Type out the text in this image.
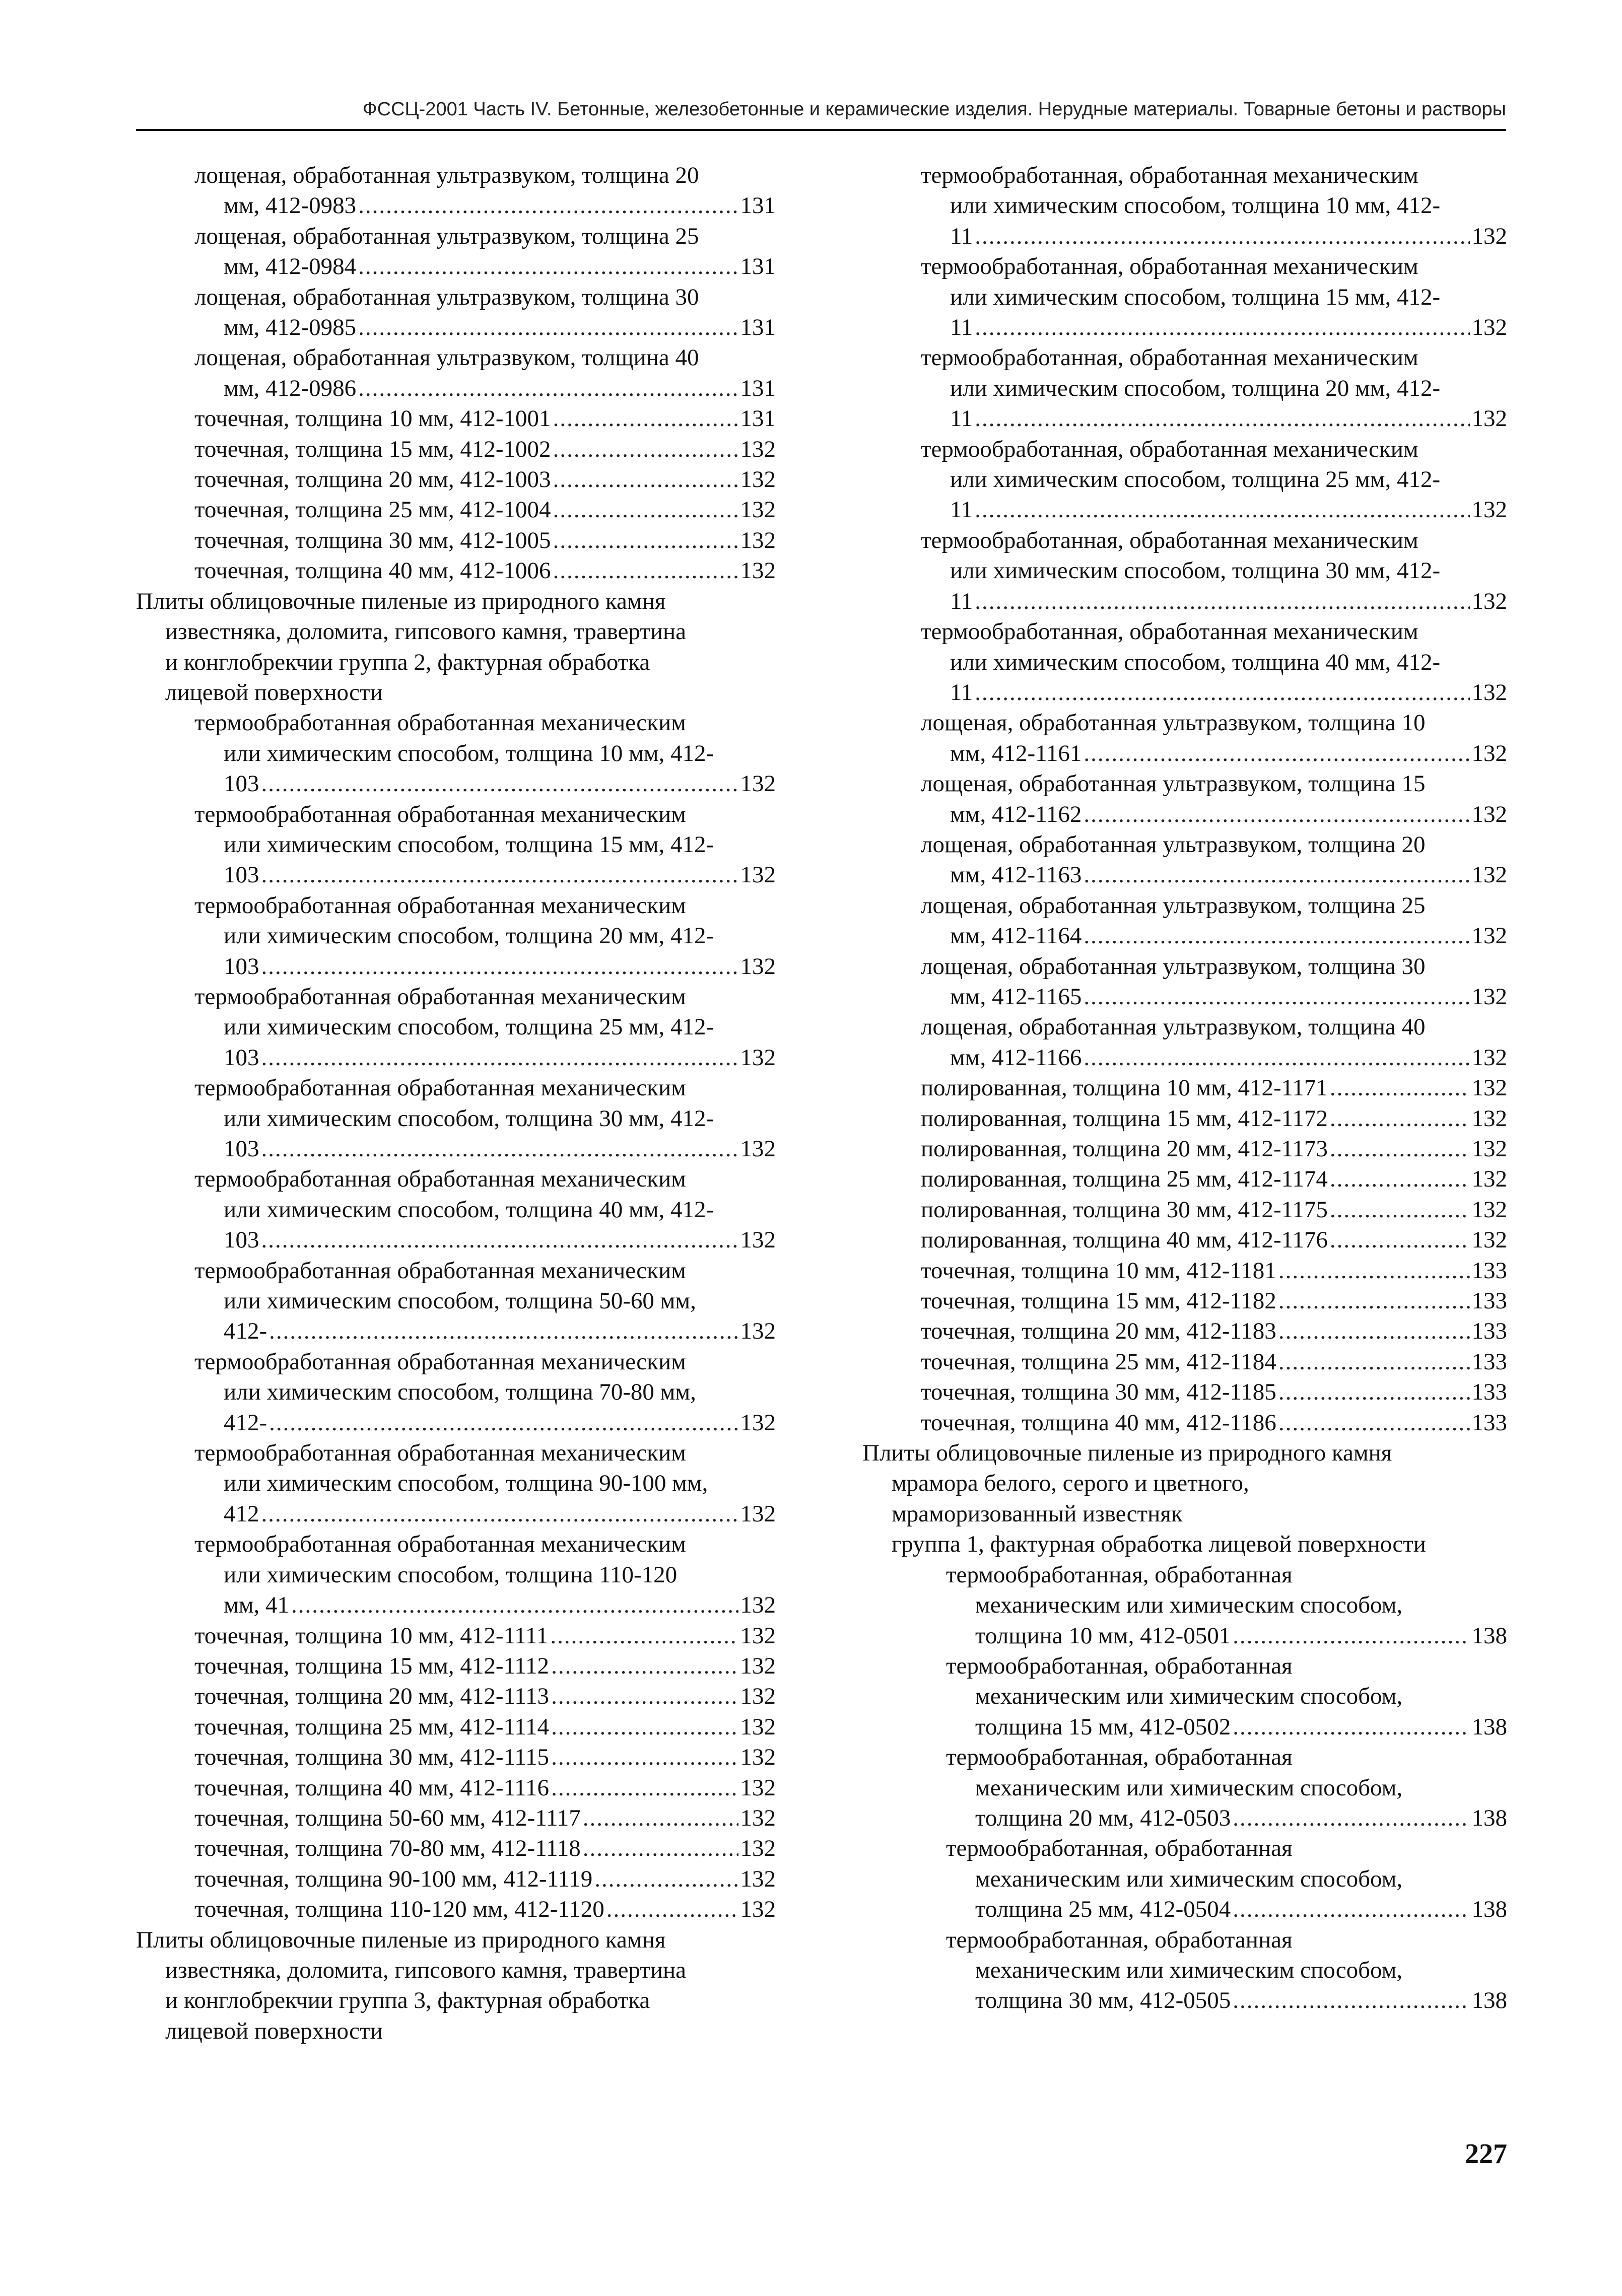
ФССЦ-2001 Часть IV. Бетонные, железобетонные и керамические изделия. Нерудные материалы. Товарные бетоны и растворы
лощеная, обработанная ультразвуком, толщина 20
мм, 412-0983 .....	131
лощеная, обработанная ультразвуком, толщина 25
мм, 412-0984 .....	131
лощеная, обработанная ультразвуком, толщина 30
мм, 412-0985 .....	131
лощеная, обработанная ультразвуком, толщина 40
мм, 412-0986 .....	131
точечная, толщина 10 мм, 412-1001 .....	131
точечная, толщина 15 мм, 412-1002 .....	132
точечная, толщина 20 мм, 412-1003 .....	132
точечная, толщина 25 мм, 412-1004 .....	132
точечная, толщина 30 мм, 412-1005 .....	132
точечная, толщина 40 мм, 412-1006 .....	132
Плиты облицовочные пиленые из природного камня
известняка, доломита, гипсового камня, травертина
и конглобрекчии группа 2, фактурная обработка
лицевой поверхности
термообработанная обработанная механическим
или химическим способом, толщина 10 мм, 412-
103 .....	132
термообработанная обработанная механическим
или химическим способом, толщина 15 мм, 412-
103 .....	132
термообработанная обработанная механическим
или химическим способом, толщина 20 мм, 412-
103 .....	132
термообработанная обработанная механическим
или химическим способом, толщина 25 мм, 412-
103 .....	132
термообработанная обработанная механическим
или химическим способом, толщина 30 мм, 412-
103 .....	132
термообработанная обработанная механическим
или химическим способом, толщина 40 мм, 412-
103 .....	132
термообработанная обработанная механическим
или химическим способом, толщина 50-60 мм,
412- .....	132
термообработанная обработанная механическим
или химическим способом, толщина 70-80 мм,
412- .....	132
термообработанная обработанная механическим
или химическим способом, толщина 90-100 мм,
412 .....	132
термообработанная обработанная механическим
или химическим способом, толщина 110-120
мм, 41 .....	132
точечная, толщина 10 мм, 412-1111 .....	132
точечная, толщина 15 мм, 412-1112 .....	132
точечная, толщина 20 мм, 412-1113 .....	132
точечная, толщина 25 мм, 412-1114 .....	132
точечная, толщина 30 мм, 412-1115 .....	132
точечная, толщина 40 мм, 412-1116 .....	132
точечная, толщина 50-60 мм, 412-1117 .....	132
точечная, толщина 70-80 мм, 412-1118 .....	132
точечная, толщина 90-100 мм, 412-1119 .....	132
точечная, толщина 110-120 мм, 412-1120 .....	132
Плиты облицовочные пиленые из природного камня
известняка, доломита, гипсового камня, травертина
и конглобрекчии группа 3, фактурная обработка
лицевой поверхности
термообработанная, обработанная механическим
или химическим способом, толщина 10 мм, 412-
11 .....	132
термообработанная, обработанная механическим
или химическим способом, толщина 15 мм, 412-
11 .....	132
термообработанная, обработанная механическим
или химическим способом, толщина 20 мм, 412-
11 .....	132
термообработанная, обработанная механическим
или химическим способом, толщина 25 мм, 412-
11 .....	132
термообработанная, обработанная механическим
или химическим способом, толщина 30 мм, 412-
11 .....	132
термообработанная, обработанная механическим
или химическим способом, толщина 40 мм, 412-
11 .....	132
лощеная, обработанная ультразвуком, толщина 10
мм, 412-1161 .....	132
лощеная, обработанная ультразвуком, толщина 15
мм, 412-1162 .....	132
лощеная, обработанная ультразвуком, толщина 20
мм, 412-1163 .....	132
лощеная, обработанная ультразвуком, толщина 25
мм, 412-1164 .....	132
лощеная, обработанная ультразвуком, толщина 30
мм, 412-1165 .....	132
лощеная, обработанная ультразвуком, толщина 40
мм, 412-1166 .....	132
полированная, толщина 10 мм, 412-1171 .....	132
полированная, толщина 15 мм, 412-1172 .....	132
полированная, толщина 20 мм, 412-1173 .....	132
полированная, толщина 25 мм, 412-1174 .....	132
полированная, толщина 30 мм, 412-1175 .....	132
полированная, толщина 40 мм, 412-1176 .....	132
точечная, толщина 10 мм, 412-1181 .....	133
точечная, толщина 15 мм, 412-1182 .....	133
точечная, толщина 20 мм, 412-1183 .....	133
точечная, толщина 25 мм, 412-1184 .....	133
точечная, толщина 30 мм, 412-1185 .....	133
точечная, толщина 40 мм, 412-1186 .....	133
Плиты облицовочные пиленые из природного камня
мрамора белого, серого и цветного,
мраморизованный известняк
группа 1, фактурная обработка лицевой поверхности
термообработанная, обработанная
механическим или химическим способом,
толщина 10 мм, 412-0501 .....	138
термообработанная, обработанная
механическим или химическим способом,
толщина 15 мм, 412-0502 .....	138
термообработанная, обработанная
механическим или химическим способом,
толщина 20 мм, 412-0503 .....	138
термообработанная, обработанная
механическим или химическим способом,
толщина 25 мм, 412-0504 .....	138
термообработанная, обработанная
механическим или химическим способом,
толщина 30 мм, 412-0505 .....	138
227
